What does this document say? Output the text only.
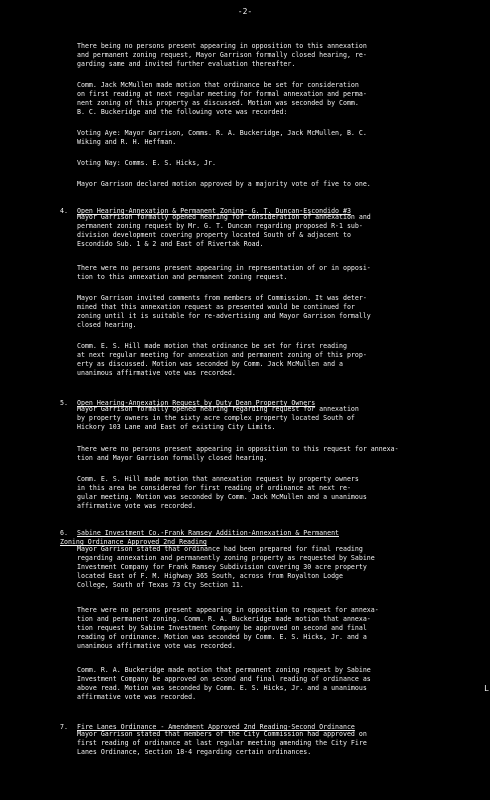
-2-

There being no persons present appearing in opposition to this annexation
and permanent zoning request, Mayor Garrison formally closed hearing, re-
garding same and invited further evaluation thereafter.

Comm. Jack McMullen made motion that ordinance be set for consideration
on first reading at next regular meeting for formal annexation and perma-
nent zoning of this property as discussed. Motion was seconded by Comm.
B. C. Buckeridge and the following vote was recorded:

Voting Aye: Mayor Garrison, Comms. R. A. Buckeridge, Jack McMullen, B. C.
Wiking and R. H. Heffman.

Voting Nay: Comms. E. S. Hicks, Jr.

Mayor Garrison declared motion approved by a majority vote of five to one.

4. Open Hearing-Annexation & Permanent Zoning- G. T. Duncan-Escondido #3

Mayor Garrison formally opened hearing for consideration of annexation and
permanent zoning request by Mr. G. T. Duncan regarding proposed R-1 sub-
division development covering property located South of & adjacent to
Escondido Sub. 1 & 2 and East of Rivertak Road.

There were no persons present appearing in representation of or in opposi-
tion to this annexation and permanent zoning request.

Mayor Garrison invited comments from members of Commission. It was deter-
mined that this annexation request as presented would be continued for
zoning until it is suitable for re-advertising and Mayor Garrison formally
closed hearing.

Comm. E. S. Hill made motion that ordinance be set for first reading
at next regular meeting for annexation and permanent zoning of this prop-
erty as discussed. Motion was seconded by Comm. Jack McMullen and a
unanimous affirmative vote was recorded.

5. Open Hearing-Annexation Request by Duty Dean Property Owners

Mayor Garrison formally opened hearing regarding request for annexation
by property owners in the sixty acre complex property located South of
Hickory 103 Lane and East of existing City Limits.

There were no persons present appearing in opposition to this request for annexa-
tion and Mayor Garrison formally closed hearing.

Comm. E. S. Hill made motion that annexation request by property owners
in this area be considered for first reading of ordinance at next re-
gular meeting. Motion was seconded by Comm. Jack McMullen and a unanimous
affirmative vote was recorded.

6. Sabine Investment Co.-Frank Ramsey Addition-Annexation & Permanent
Zoning Ordinance Approved 2nd Reading

Mayor Garrison stated that ordinance had been prepared for final reading
regarding annexation and permanently zoning property as requested by Sabine
Investment Company for Frank Ramsey Subdivision covering 30 acre property
located East of F. M. Highway 365 South, across from Royalton Lodge
College, South of Texas 73 Cty Section 11.

There were no persons present appearing in opposition to request for annexa-
tion and permanent zoning. Comm. R. A. Buckeridge made motion that annexa-
tion request by Sabine Investment Company be approved on second and final
reading of ordinance. Motion was seconded by Comm. E. S. Hicks, Jr. and a
unanimous affirmative vote was recorded.

Comm. R. A. Buckeridge made motion that permanent zoning request by Sabine
Investment Company be approved on second and final reading of ordinance as
above read. Motion was seconded by Comm. E. S. Hicks, Jr. and a unanimous
affirmative vote was recorded.

7. Fire Lanes Ordinance - Amendment Approved 2nd Reading-Second Ordinance

Mayor Garrison stated that members of the City Commission had approved on
first reading of ordinance at last regular meeting amending the City Fire
Lanes Ordinance, Section 18-4 regarding certain ordinances.

L
